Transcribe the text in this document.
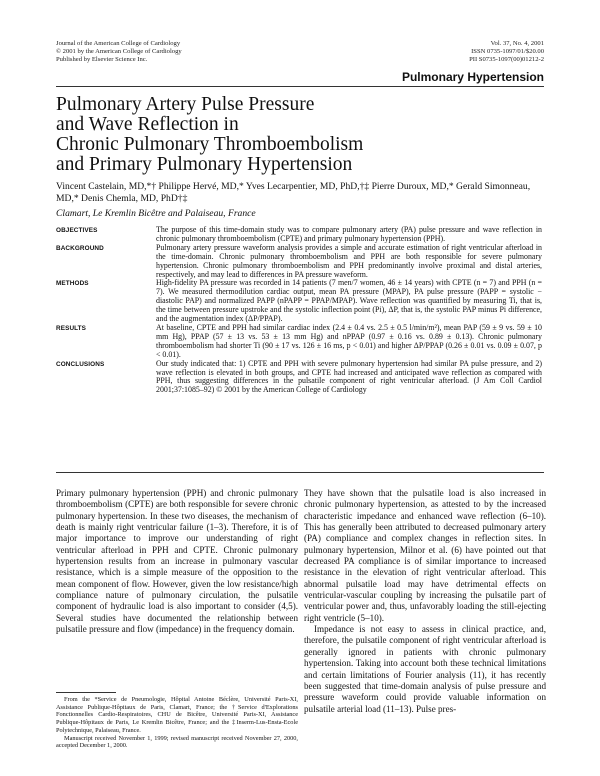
Journal of the American College of Cardiology
© 2001 by the American College of Cardiology
Published by Elsevier Science Inc.
Vol. 37, No. 4, 2001
ISSN 0735-1097/01/$20.00
PII S0735-1097(00)01212-2
Pulmonary Hypertension
Pulmonary Artery Pulse Pressure
and Wave Reflection in
Chronic Pulmonary Thromboembolism
and Primary Pulmonary Hypertension
Vincent Castelain, MD,*† Philippe Hervé, MD,* Yves Lecarpentier, MD, PhD,†‡ Pierre Duroux, MD,* Gerald Simonneau, MD,* Denis Chemla, MD, PhD†‡
Clamart, Le Kremlin Bicêtre and Palaiseau, France
OBJECTIVES	The purpose of this time-domain study was to compare pulmonary artery (PA) pulse pressure and wave reflection in chronic pulmonary thromboembolism (CPTE) and primary pulmonary hypertension (PPH).
BACKGROUND	Pulmonary artery pressure waveform analysis provides a simple and accurate estimation of right ventricular afterload in the time-domain. Chronic pulmonary thromboembolism and PPH are both responsible for severe pulmonary hypertension. Chronic pulmonary thromboembolism and PPH predominantly involve proximal and distal arteries, respectively, and may lead to differences in PA pressure waveform.
METHODS	High-fidelity PA pressure was recorded in 14 patients (7 men/7 women, 46 ± 14 years) with CPTE (n = 7) and PPH (n = 7). We measured thermodilution cardiac output, mean PA pressure (MPAP), PA pulse pressure (PAPP = systolic − diastolic PAP) and normalized PAPP (nPAPP = PPAP/MPAP). Wave reflection was quantified by measuring Ti, that is, the time between pressure upstroke and the systolic inflection point (Pi), ΔP, that is, the systolic PAP minus Pi difference, and the augmentation index (ΔP/PPAP).
RESULTS	At baseline, CPTE and PPH had similar cardiac index (2.4 ± 0.4 vs. 2.5 ± 0.5 l/min/m²), mean PAP (59 ± 9 vs. 59 ± 10 mm Hg), PPAP (57 ± 13 vs. 53 ± 13 mm Hg) and nPPAP (0.97 ± 0.16 vs. 0.89 ± 0.13). Chronic pulmonary thromboembolism had shorter Ti (90 ± 17 vs. 126 ± 16 ms, p < 0.01) and higher ΔP/PPAP (0.26 ± 0.01 vs. 0.09 ± 0.07, p < 0.01).
CONCLUSIONS	Our study indicated that: 1) CPTE and PPH with severe pulmonary hypertension had similar PA pulse pressure, and 2) wave reflection is elevated in both groups, and CPTE had increased and anticipated wave reflection as compared with PPH, thus suggesting differences in the pulsatile component of right ventricular afterload. (J Am Coll Cardiol 2001;37:1085–92) © 2001 by the American College of Cardiology

Primary pulmonary hypertension (PPH) and chronic pulmonary thromboembolism (CPTE) are both responsible for severe chronic pulmonary hypertension. In these two diseases, the mechanism of death is mainly right ventricular failure (1–3). Therefore, it is of major importance to improve our understanding of right ventricular afterload in PPH and CPTE. Chronic pulmonary hypertension results from an increase in pulmonary vascular resistance, which is a simple measure of the opposition to the mean component of flow. However, given the low resistance/high compliance nature of pulmonary circulation, the pulsatile component of hydraulic load is also important to consider (4,5). Several studies have documented the relationship between pulsatile pressure and flow (impedance) in the frequency domain.

They have shown that the pulsatile load is also increased in chronic pulmonary hypertension, as attested to by the increased characteristic impedance and enhanced wave reflection (6–10). This has generally been attributed to decreased pulmonary artery (PA) compliance and complex changes in reflection sites. In pulmonary hypertension, Milnor et al. (6) have pointed out that decreased PA compliance is of similar importance to increased resistance in the elevation of right ventricular afterload. This abnormal pulsatile load may have detrimental effects on ventricular-vascular coupling by increasing the pulsatile part of ventricular power and, thus, unfavorably loading the still-ejecting right ventricle (5–10).

Impedance is not easy to assess in clinical practice, and, therefore, the pulsatile component of right ventricular afterload is generally ignored in patients with chronic pulmonary hypertension. Taking into account both these technical limitations and certain limitations of Fourier analysis (11), it has recently been suggested that time-domain analysis of pulse pressure and pressure waveform could provide valuable information on pulsatile arterial load (11–13). Pulse pres-

From the *Service de Pneumologie, Hôpital Antoine Béclère, Université Paris-XI, Assistance Publique-Hôpitaux de Paris, Clamart, France; the †Service d'Explorations Fonctionnelles Cardio-Respiratoires, CHU de Bicêtre, Université Paris-XI, Assistance Publique-Hôpitaux de Paris, Le Kremlin Bicêtre, France; and the ‡Inserm-Lus-Ensta-Ecole Polytechnique, Palaiseau, France.

Manuscript received November 1, 1999; revised manuscript received November 27, 2000, accepted December 1, 2000.
